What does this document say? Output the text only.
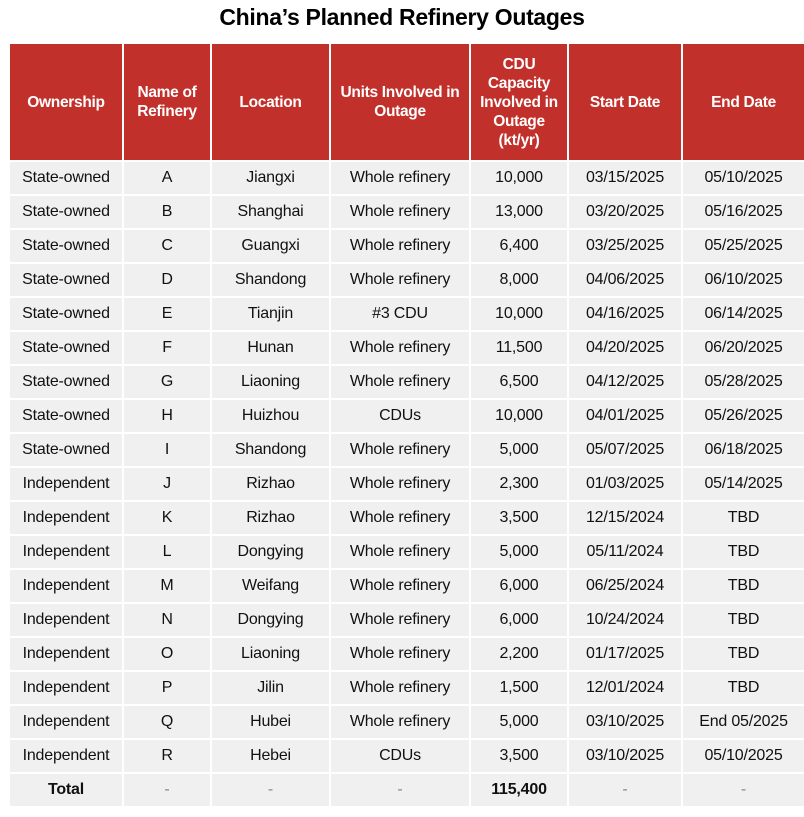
China’s Planned Refinery Outages
Ownership	Name of Refinery	Location	Units Involved in Outage	CDU Capacity Involved in Outage (kt/yr)	Start Date	End Date
State-owned	A	Jiangxi	Whole refinery	10,000	03/15/2025	05/10/2025
State-owned	B	Shanghai	Whole refinery	13,000	03/20/2025	05/16/2025
State-owned	C	Guangxi	Whole refinery	6,400	03/25/2025	05/25/2025
State-owned	D	Shandong	Whole refinery	8,000	04/06/2025	06/10/2025
State-owned	E	Tianjin	#3 CDU	10,000	04/16/2025	06/14/2025
State-owned	F	Hunan	Whole refinery	11,500	04/20/2025	06/20/2025
State-owned	G	Liaoning	Whole refinery	6,500	04/12/2025	05/28/2025
State-owned	H	Huizhou	CDUs	10,000	04/01/2025	05/26/2025
State-owned	I	Shandong	Whole refinery	5,000	05/07/2025	06/18/2025
Independent	J	Rizhao	Whole refinery	2,300	01/03/2025	05/14/2025
Independent	K	Rizhao	Whole refinery	3,500	12/15/2024	TBD
Independent	L	Dongying	Whole refinery	5,000	05/11/2024	TBD
Independent	M	Weifang	Whole refinery	6,000	06/25/2024	TBD
Independent	N	Dongying	Whole refinery	6,000	10/24/2024	TBD
Independent	O	Liaoning	Whole refinery	2,200	01/17/2025	TBD
Independent	P	Jilin	Whole refinery	1,500	12/01/2024	TBD
Independent	Q	Hubei	Whole refinery	5,000	03/10/2025	End 05/2025
Independent	R	Hebei	CDUs	3,500	03/10/2025	05/10/2025
Total	-	-	-	115,400	-	-
